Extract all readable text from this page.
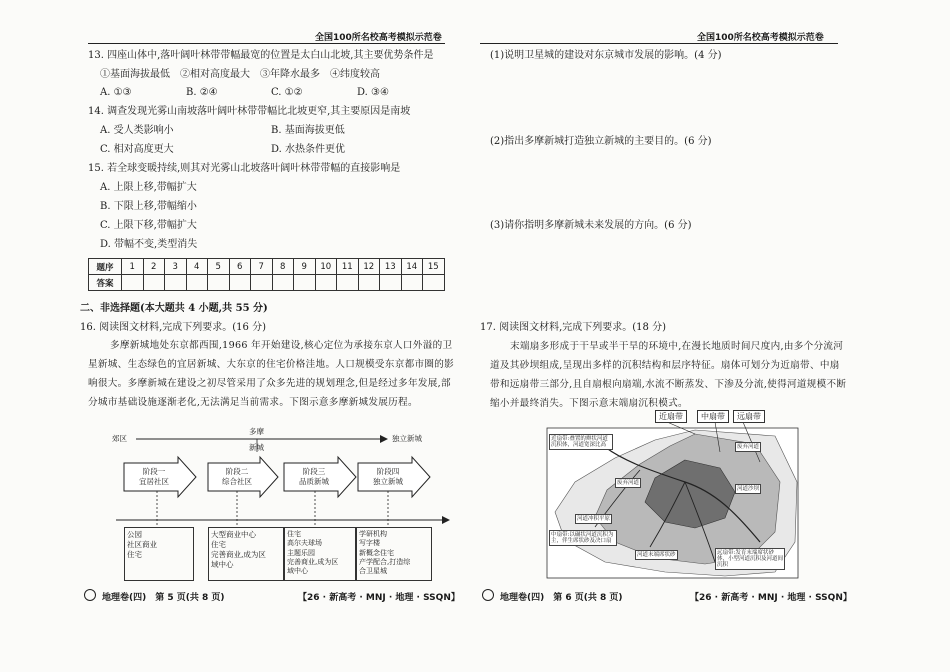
全国100所名校高考模拟示范卷
13. 四座山体中,落叶阔叶林带带幅最宽的位置是太白山北坡,其主要优势条件是
①基面海拔最低　②相对高度最大　③年降水最多　④纬度较高
A. ①③	B. ②④	C. ①②	D. ③④
14. 调查发现光雾山南坡落叶阔叶林带带幅比北坡更窄,其主要原因是南坡
A. 受人类影响小	B. 基面海拔更低
C. 相对高度更大	D. 水热条件更优
15. 若全球变暖持续,则其对光雾山北坡落叶阔叶林带带幅的直接影响是
A. 上限上移,带幅扩大
B. 下限上移,带幅缩小
C. 上限下移,带幅扩大
D. 带幅不变,类型消失
题序	1	2	3	4	5	6	7	8	9	10	11	12	13	14	15
答案															
二、非选择题(本大题共 4 小题,共 55 分)
16. 阅读图文材料,完成下列要求。(16 分)
多摩新城地处东京都西围,1966 年开始建设,核心定位为承接东京人口外溢的卫星新城、生态绿色的宜居新城、大东京的住宅价格洼地。人口规模受东京都市圈的影响很大。多摩新城在建设之初尽管采用了众多先进的规划理念,但是经过多年发展,部分城市基础设施逐渐老化,无法满足当前需求。下图示意多摩新城发展历程。
郊区
多摩
新城
独立新城
阶段一
宜居社区
阶段二
综合社区
阶段三
品质新城
阶段四
独立新城
公园
社区商业
住宅
大型商业中心
住宅
完善商业,成为区
域中心
住宅
高尔夫球场
主题乐园
完善商业,成为区
域中心
学研机构
写字楼
新概念住宅
产学配合,打造综
合卫星城
地理卷(四)　第 5 页(共 8 页)	【26 · 新高考 · MNJ · 地理 · SSQN】
全国100所名校高考模拟示范卷
(1)说明卫星城的建设对东京城市发展的影响。(4 分)
(2)指出多摩新城打造独立新城的主要目的。(6 分)
(3)请你指明多摩新城未来发展的方向。(6 分)
17. 阅读图文材料,完成下列要求。(18 分)
末端扇多形成于干旱或半干旱的环境中,在漫长地质时间尺度内,由多个分流河道及其砂坝组成,呈现出多样的沉积结构和层序特征。扇体可划分为近扇带、中扇带和远扇带三部分,且自扇根向扇端,水流不断蒸发、下渗及分流,使得河道规模不断缩小并最终消失。下图示意末端扇沉积模式。
近扇带	中扇带	远扇带
近扇带:叠置的辫状河道沉积体，河道宽深比高	废弃河道
废弃河道
河道沙坝
河道冲积平原
中扇带:以碾状河道沉积为主，伴生席状砂及决口扇
河道末端席状砂	远扇带:发育末端席状砂体，小型河道沉积及河道间沉积
地理卷(四)　第 6 页(共 8 页)	【26 · 新高考 · MNJ · 地理 · SSQN】
